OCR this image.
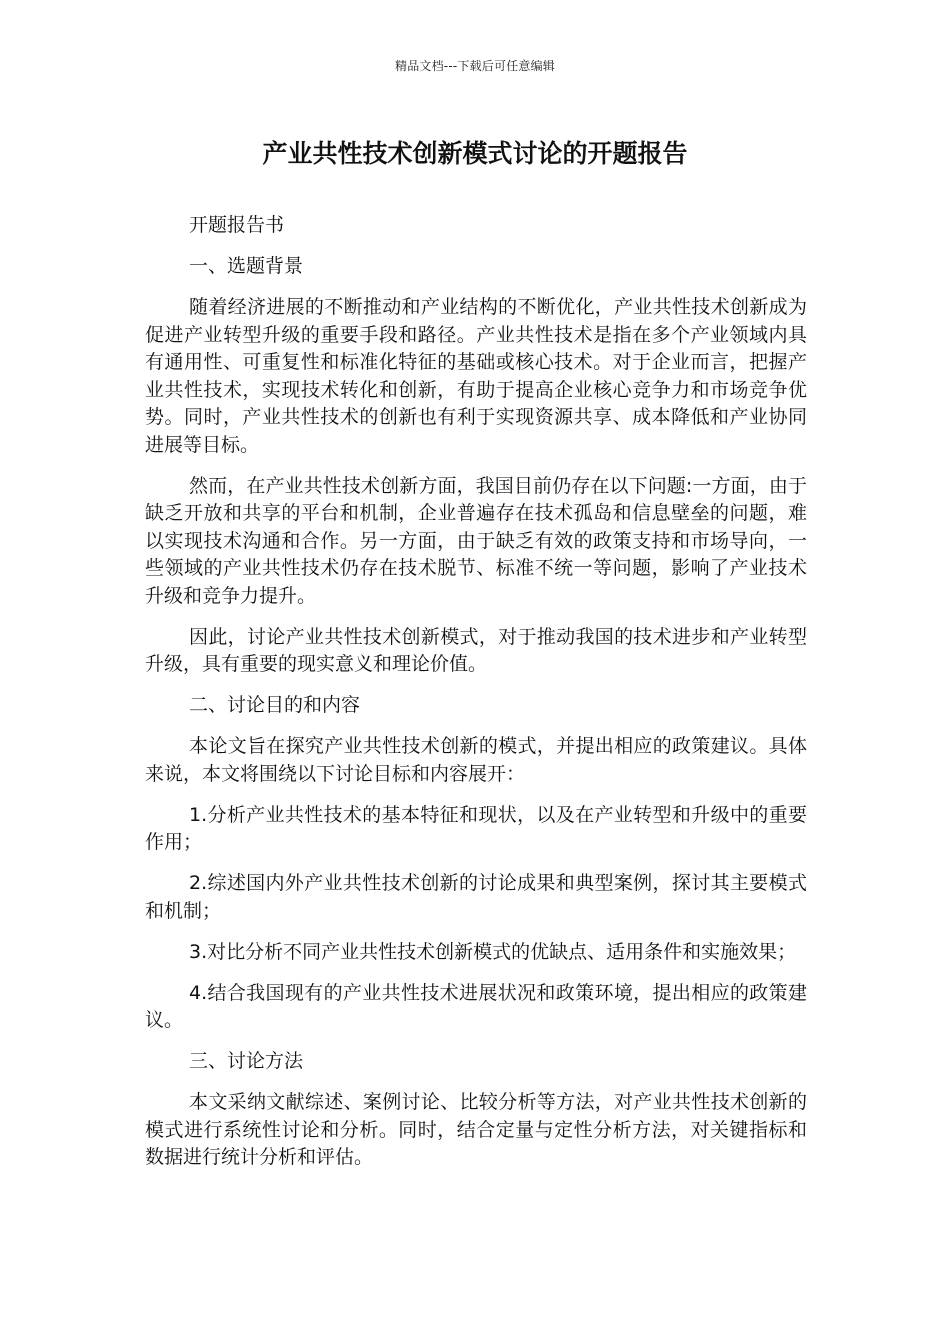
精品文档---下载后可任意编辑
产业共性技术创新模式讨论的开题报告

开题报告书

一、选题背景

随着经济进展的不断推动和产业结构的不断优化，产业共性技术创新成为促进产业转型升级的重要手段和路径。产业共性技术是指在多个产业领域内具有通用性、可重复性和标准化特征的基础或核心技术。对于企业而言，把握产业共性技术，实现技术转化和创新，有助于提高企业核心竞争力和市场竞争优势。同时，产业共性技术的创新也有利于实现资源共享、成本降低和产业协同进展等目标。

然而，在产业共性技术创新方面，我国目前仍存在以下问题:一方面，由于缺乏开放和共享的平台和机制，企业普遍存在技术孤岛和信息壁垒的问题，难以实现技术沟通和合作。另一方面，由于缺乏有效的政策支持和市场导向，一些领域的产业共性技术仍存在技术脱节、标准不统一等问题，影响了产业技术升级和竞争力提升。

因此，讨论产业共性技术创新模式，对于推动我国的技术进步和产业转型升级，具有重要的现实意义和理论价值。

二、讨论目的和内容

本论文旨在探究产业共性技术创新的模式，并提出相应的政策建议。具体来说，本文将围绕以下讨论目标和内容展开：

1.分析产业共性技术的基本特征和现状，以及在产业转型和升级中的重要作用；

2.综述国内外产业共性技术创新的讨论成果和典型案例，探讨其主要模式和机制；

3.对比分析不同产业共性技术创新模式的优缺点、适用条件和实施效果；

4.结合我国现有的产业共性技术进展状况和政策环境，提出相应的政策建议。

三、讨论方法

本文采纳文献综述、案例讨论、比较分析等方法，对产业共性技术创新的模式进行系统性讨论和分析。同时，结合定量与定性分析方法，对关键指标和数据进行统计分析和评估。
